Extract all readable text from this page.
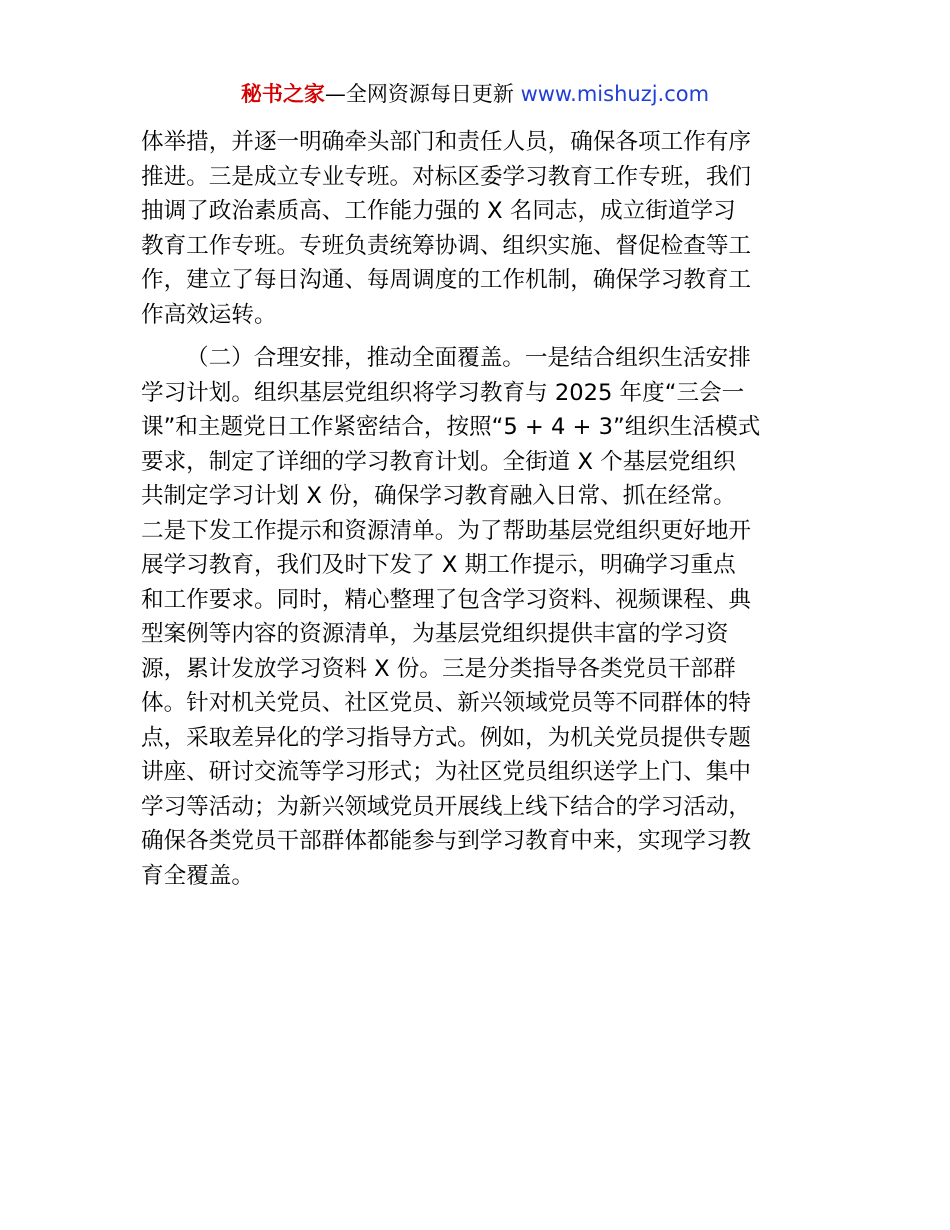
秘书之家—全网资源每日更新 www.mishuzj.com

体举措，并逐一明确牵头部门和责任人员，确保各项工作有序
推进。三是成立专业专班。对标区委学习教育工作专班，我们
抽调了政治素质高、工作能力强的 X 名同志，成立街道学习
教育工作专班。专班负责统筹协调、组织实施、督促检查等工
作，建立了每日沟通、每周调度的工作机制，确保学习教育工
作高效运转。

（二）合理安排，推动全面覆盖。一是结合组织生活安排
学习计划。组织基层党组织将学习教育与 2025 年度“三会一
课”和主题党日工作紧密结合，按照“5 + 4 + 3”组织生活模式
要求，制定了详细的学习教育计划。全街道 X 个基层党组织
共制定学习计划 X 份，确保学习教育融入日常、抓在经常。
二是下发工作提示和资源清单。为了帮助基层党组织更好地开
展学习教育，我们及时下发了 X 期工作提示，明确学习重点
和工作要求。同时，精心整理了包含学习资料、视频课程、典
型案例等内容的资源清单，为基层党组织提供丰富的学习资
源，累计发放学习资料 X 份。三是分类指导各类党员干部群
体。针对机关党员、社区党员、新兴领域党员等不同群体的特
点，采取差异化的学习指导方式。例如，为机关党员提供专题
讲座、研讨交流等学习形式；为社区党员组织送学上门、集中
学习等活动；为新兴领域党员开展线上线下结合的学习活动，
确保各类党员干部群体都能参与到学习教育中来，实现学习教
育全覆盖。
